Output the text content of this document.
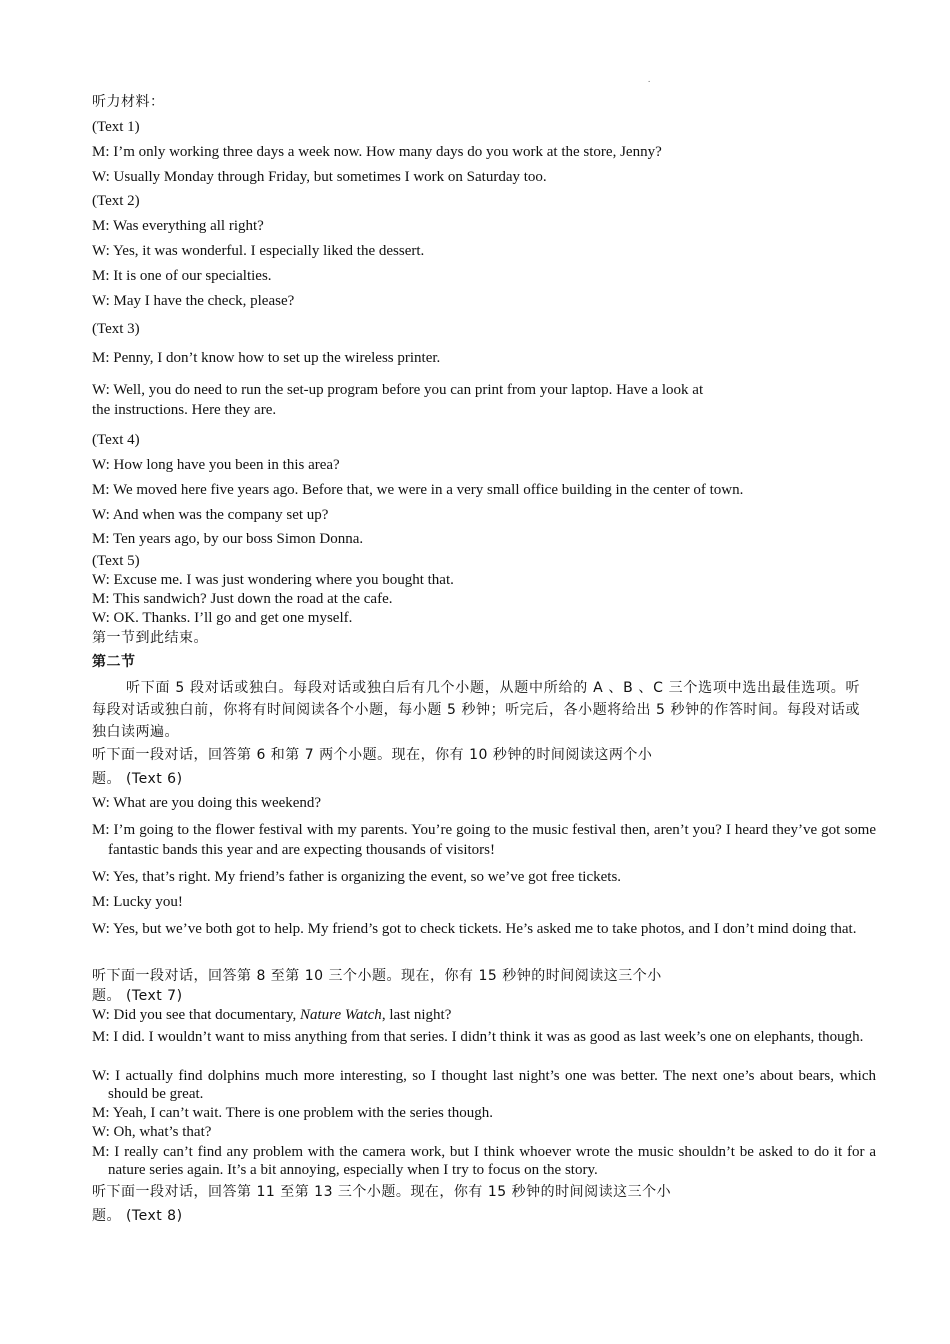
.
听力材料：
(Text 1)
M: I’m only working three days a week now. How many days do you work at the store, Jenny?
W: Usually Monday through Friday, but sometimes I work on Saturday too.
(Text 2)
M: Was everything all right?
W: Yes, it was wonderful. I especially liked the dessert.
M: It is one of our specialties.
W: May I have the check, please?
(Text 3)
M: Penny, I don’t know how to set up the wireless printer.
W: Well, you do need to run the set-up program before you can print from your laptop. Have a look at
the instructions. Here they are.
(Text 4)
W: How long have you been in this area?
M: We moved here five years ago. Before that, we were in a very small office building in the center of town.
W: And when was the company set up?
M: Ten years ago, by our boss Simon Donna.
(Text 5)
W: Excuse me. I was just wondering where you bought that.
M: This sandwich? Just down the road at the cafe.
W: OK. Thanks. I’ll go and get one myself.
第一节到此结束。
第二节
听下面 5 段对话或独白。每段对话或独白后有几个小题，从题中所给的 A 、B 、C 三个选项中选出最佳选项。听每段对话或独白前，你将有时间阅读各个小题，每小题 5 秒钟；听完后，各小题将给出 5 秒钟的作答时间。每段对话或独白读两遍。
听下面一段对话，回答第 6 和第 7 两个小题。现在，你有 10 秒钟的时间阅读这两个小
题。 (Text 6)
W: What are you doing this weekend?
M: I’m going to the flower festival with my parents. You’re going to the music festival then, aren’t you? I heard they’ve got some fantastic bands this year and are expecting thousands of visitors!
W: Yes, that’s right. My friend’s father is organizing the event, so we’ve got free tickets.
M: Lucky you!
W: Yes, but we’ve both got to help. My friend’s got to check tickets. He’s asked me to take photos, and I don’t mind doing that.
听下面一段对话，回答第 8 至第 10 三个小题。现在，你有 15 秒钟的时间阅读这三个小
题。 (Text 7)
W: Did you see that documentary, Nature Watch, last night?
M: I did. I wouldn’t want to miss anything from that series. I didn’t think it was as good as last week’s one on elephants, though.
W: I actually find dolphins much more interesting, so I thought last night’s one was better. The next one’s about bears, which should be great.
M: Yeah, I can’t wait. There is one problem with the series though.
W: Oh, what’s that?
M: I really can’t find any problem with the camera work, but I think whoever wrote the music shouldn’t be asked to do it for a nature series again. It’s a bit annoying, especially when I try to focus on the story.
听下面一段对话，回答第 11 至第 13 三个小题。现在，你有 15 秒钟的时间阅读这三个小
题。 (Text 8)
